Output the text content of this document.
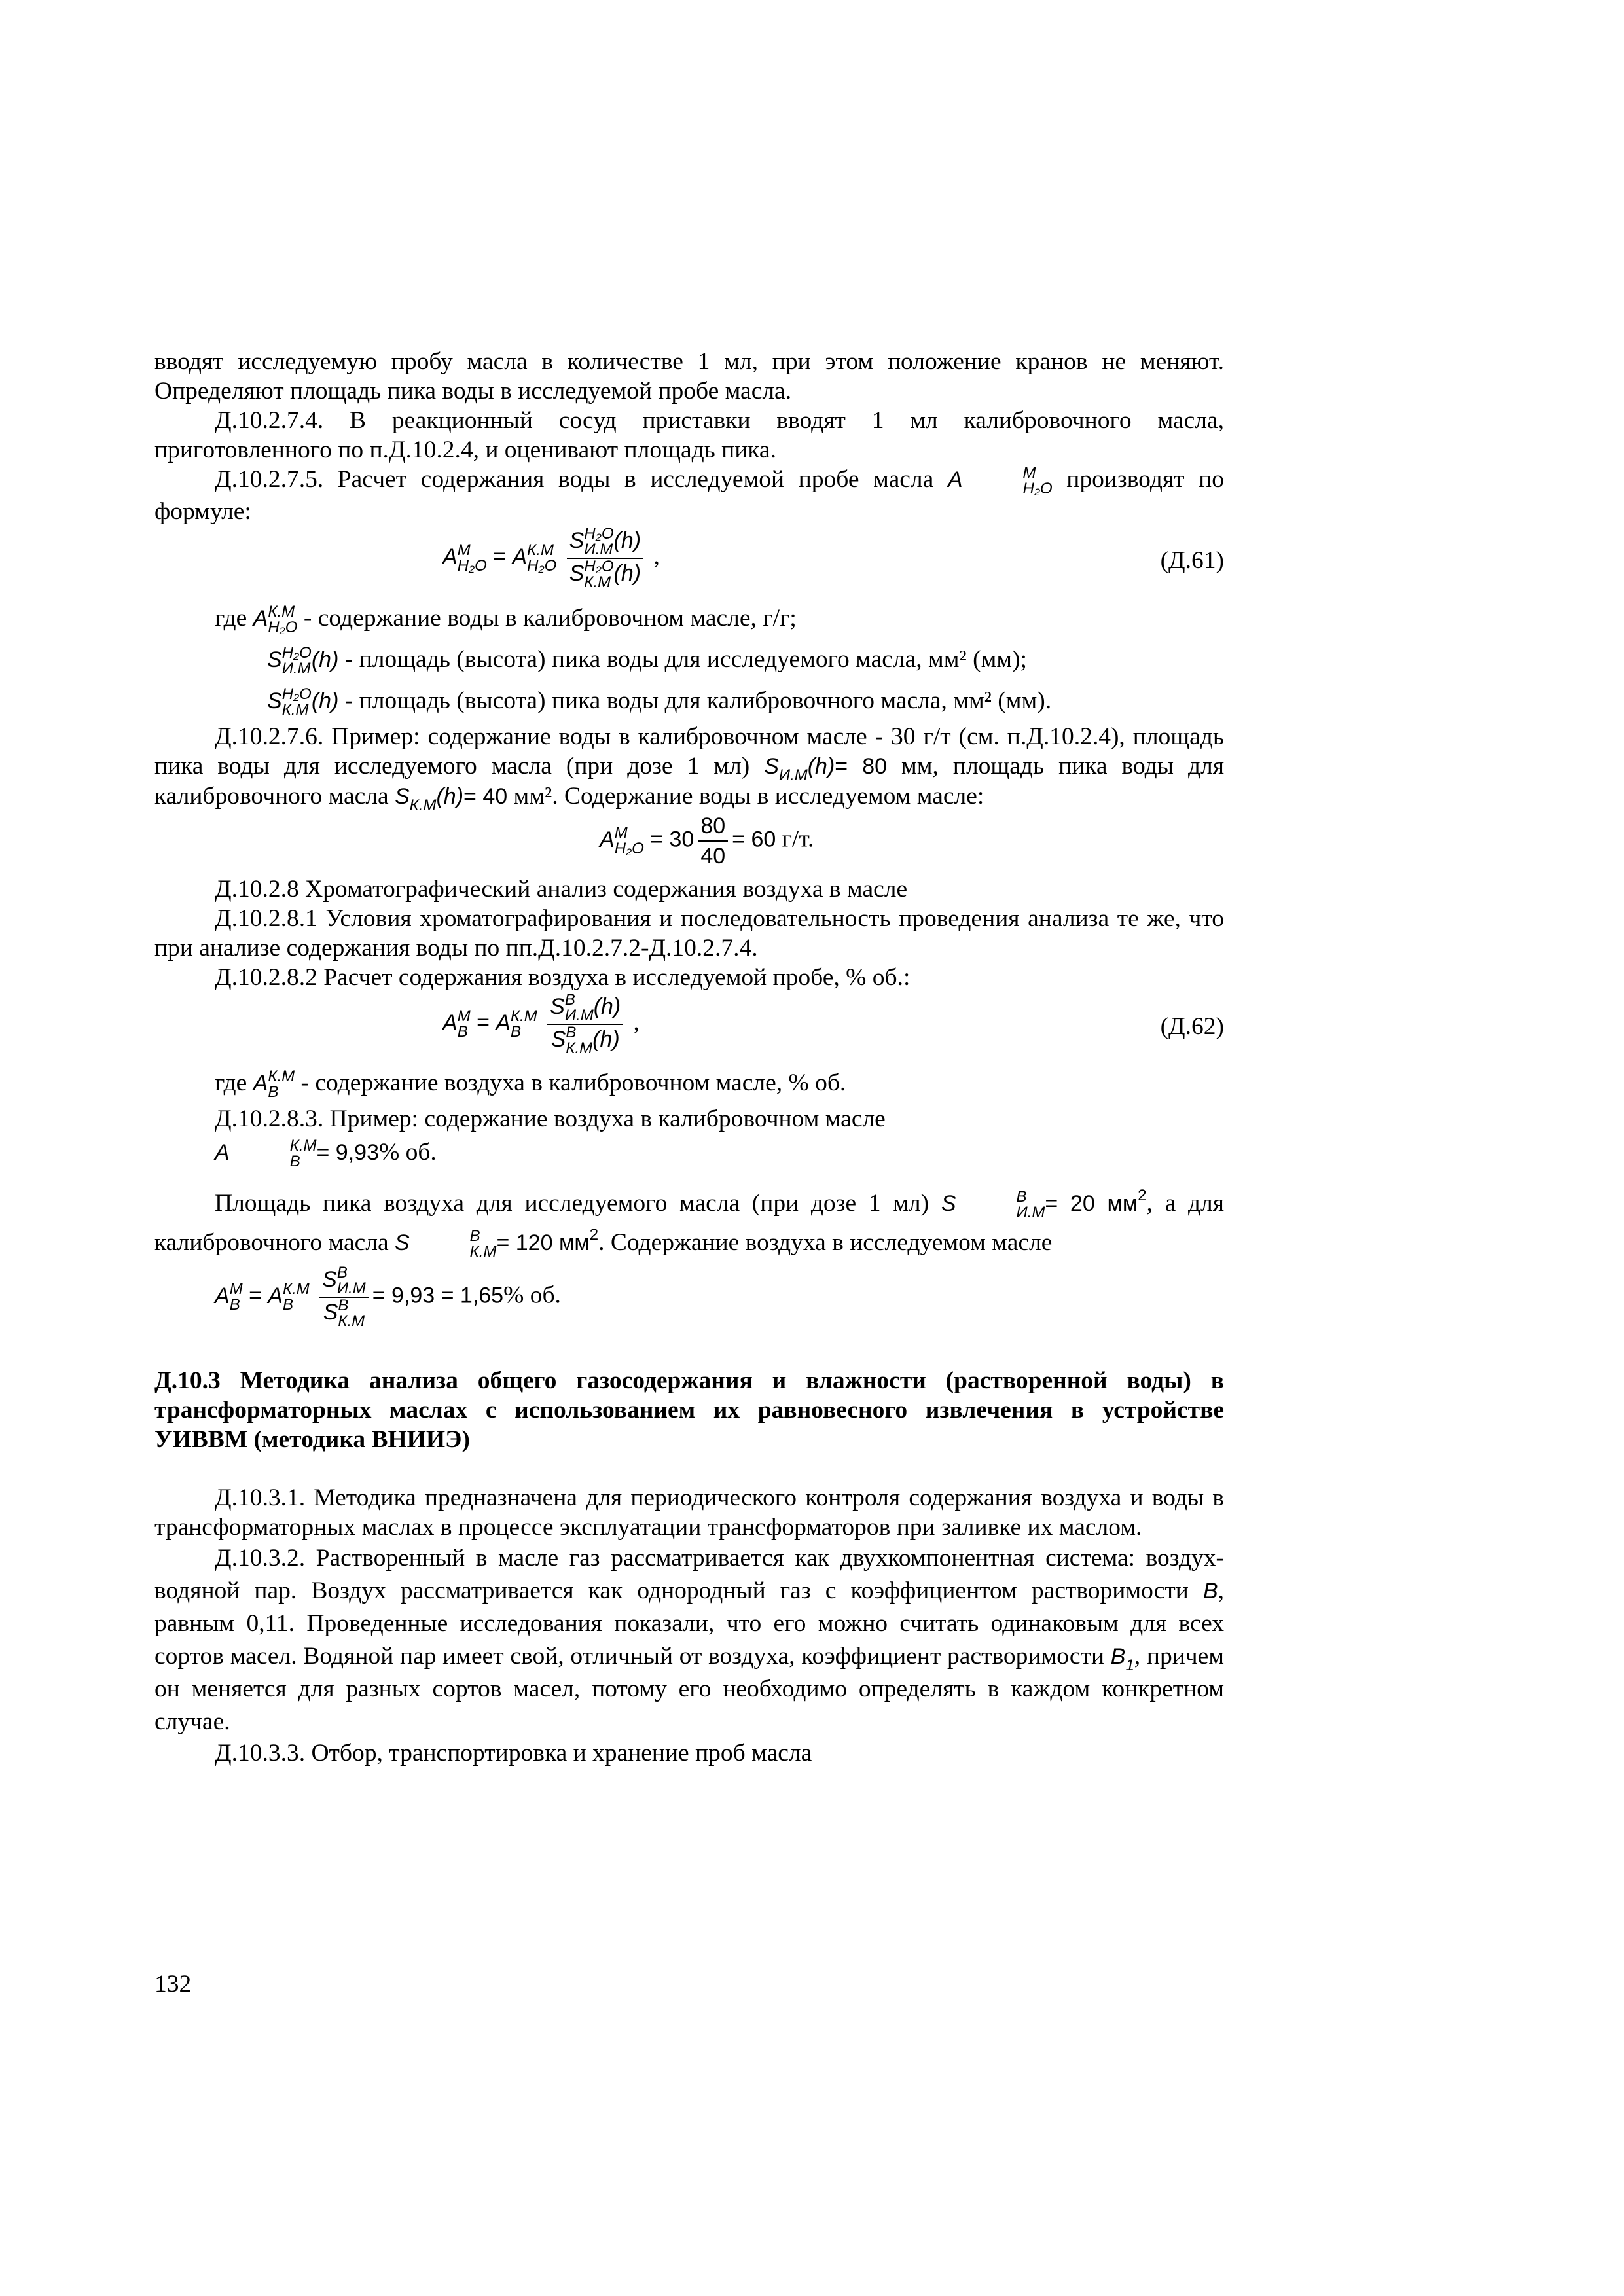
вводят исследуемую пробу масла в количестве 1 мл, при этом положение кранов не меняют. Определяют площадь пика воды в исследуемой пробе масла.

Д.10.2.7.4. В реакционный сосуд приставки вводят 1 мл калибровочного масла, приготовленного по п.Д.10.2.4, и оценивают площадь пика.

Д.10.2.7.5. Расчет содержания воды в исследуемой пробе масла A	M
H₂O производят по формуле:

A M
H₂O = A К.М
H₂O
S H₂O
И.М (h)
S H₂O
К.М (h) ,	(Д.61)

где A К.М
H₂O - содержание воды в калибровочном масле, г/г;

S H₂O
И.М (h) - площадь (высота) пика воды для исследуемого масла, мм² (мм);

S H₂O
К.М (h) - площадь (высота) пика воды для калибровочного масла, мм² (мм).

Д.10.2.7.6. Пример: содержание воды в калибровочном масле - 30 г/т (см. п.Д.10.2.4), площадь пика воды для исследуемого масла (при дозе 1 мл) $S_{И.М}(h)= 80$ мм, площадь пика воды для калибровочного масла $S_{К.М}(h)= 40$ мм². Содержание воды в исследуемом масле:

A M
$H_2O = 30 \frac{80}{40} = 60$ г/т.

Д.10.2.8 Хроматографический анализ содержания воздуха в масле

Д.10.2.8.1 Условия хроматографирования и последовательность проведения анализа те же, что при анализе содержания воды по пп.Д.10.2.7.2-Д.10.2.7.4.

Д.10.2.8.2 Расчет содержания воздуха в исследуемой пробе, % об.:

A M
B = A К.М
B
	S B
И.М (h)
S B
К.М (h) ,	(Д.62)

где A К.М
B - содержание воздуха в калибровочном масле, % об.

Д.10.2.8.3. Пример: содержание воздуха в калибровочном масле

A	К.М
B = 9,93% об.

Площадь пика воздуха для исследуемого масла (при дозе 1 мл) S	B
И.М = 20 $мм^2$, а для калибровочного масла S	B
К.М = 120 $мм^2$. Содержание воздуха в исследуемом масле

A M
B = A К.М
B
	S B
И.М
S B
К.М = 9,93 = 1,65% об.

Д.10.3 Методика анализа общего газосодержания и влажности (растворенной воды) в трансформаторных маслах с использованием их равновесного извлечения в устройстве УИВВМ (методика ВНИИЭ)

Д.10.3.1. Методика предназначена для периодического контроля содержания воздуха и воды в трансформаторных маслах в процессе эксплуатации трансформаторов при заливке их маслом.

Д.10.3.2. Растворенный в масле газ рассматривается как двухкомпонентная система: воздух-водяной пар. Воздух рассматривается как однородный газ с коэффициентом растворимости B, равным 0,11. Проведенные исследования показали, что его можно считать одинаковым для всех сортов масел. Водяной пар имеет свой, отличный от воздуха, коэффициент растворимости $B_1$, причем он меняется для разных сортов масел, потому его необходимо определять в каждом конкретном случае.

Д.10.3.3. Отбор, транспортировка и хранение проб масла

132
